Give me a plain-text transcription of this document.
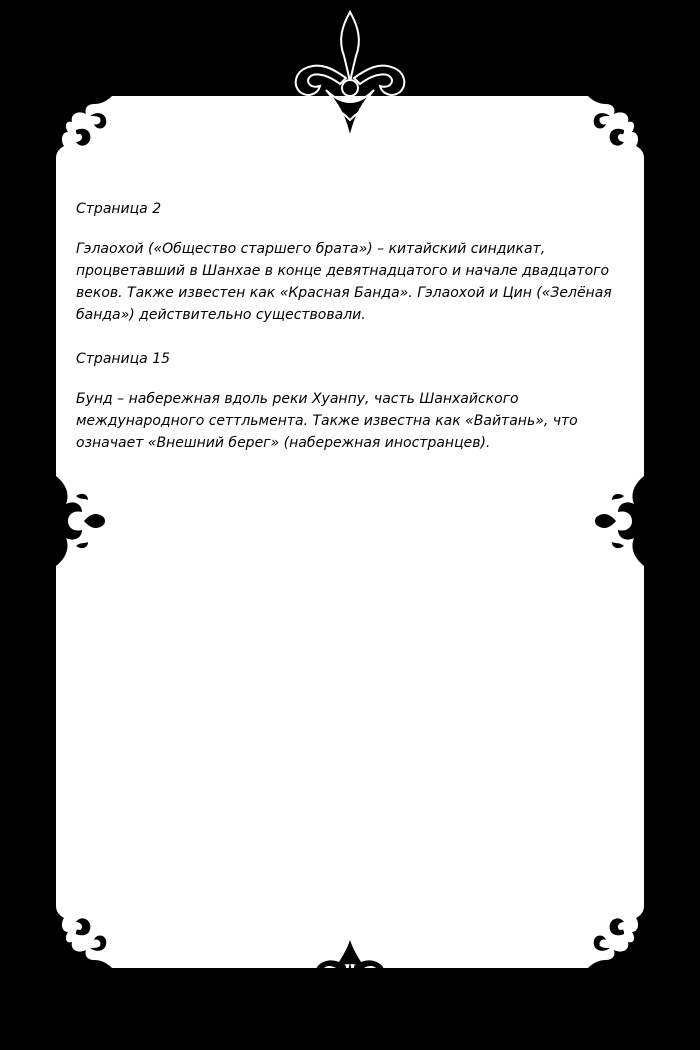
Страница 2

Гэлаохой («Общество старшего брата») – китайский синдикат, процветавший в Шанхае в конце девятнадцатого и начале двадцатого веков. Также известен как «Красная Банда». Гэлаохой и Цин («Зелёная банда») действительно существовали.

Страница 15

Бунд – набережная вдоль реки Хуанпу, часть Шанхайского международного сеттльмента. Также известна как «Вайтань», что означает «Внешний берег» (набережная иностранцев).
